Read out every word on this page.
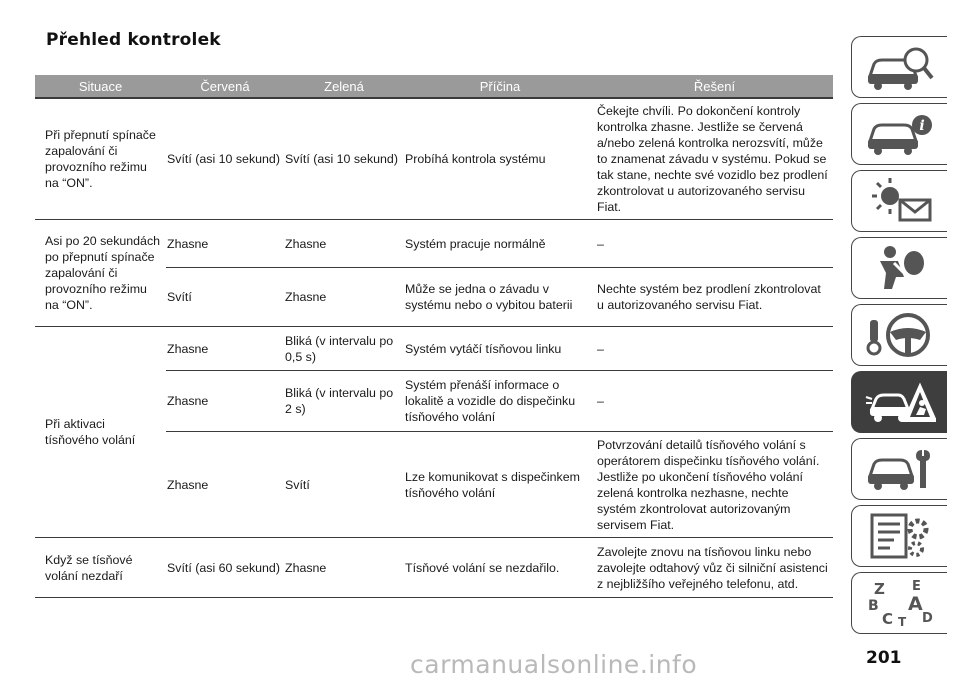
Přehled kontrolek
Situace	Červená	Zelená	Příčina	Řešení
Při přepnutí spínače zapalování či provozního režimu na “ON”.	Svítí (asi 10 sekund)	Svítí (asi 10 sekund)	Probíhá kontrola systému	Čekejte chvíli. Po dokončení kontroly kontrolka zhasne. Jestliže se červená a/nebo zelená kontrolka nerozsvítí, může to znamenat závadu v systému. Pokud se tak stane, nechte své vozidlo bez prodlení zkontrolovat u autorizovaného servisu Fiat.
Asi po 20 sekundách po přepnutí spínače zapalování či provozního režimu na “ON”.	Zhasne	Zhasne	Systém pracuje normálně	–
	Svítí	Zhasne	Může se jedna o závadu v systému nebo o vybitou baterii	Nechte systém bez prodlení zkontrolovat u autorizovaného servisu Fiat.
Při aktivaci tísňového volání	Zhasne	Bliká (v intervalu po 0,5 s)	Systém vytáčí tísňovou linku	–
	Zhasne	Bliká (v intervalu po 2 s)	Systém přenáší informace o lokalitě a vozidle do dispečinku tísňového volání	–
	Zhasne	Svítí	Lze komunikovat s dispečinkem tísňového volání	Potvrzování detailů tísňového volání s operátorem dispečinku tísňového volání. Jestliže po ukončení tísňového volání zelená kontrolka nezhasne, nechte systém zkontrolovat autorizovaným servisem Fiat.
Když se tísňové volání nezdaří	Svítí (asi 60 sekund)	Zhasne	Tísňové volání se nezdařilo.	Zavolejte znovu na tísňovou linku nebo zavolejte odtahový vůz či silniční asistenci z nejbližšího veřejného telefonu, atd.
i
Z E
B A
C T D
carmanualsonline.info	201
